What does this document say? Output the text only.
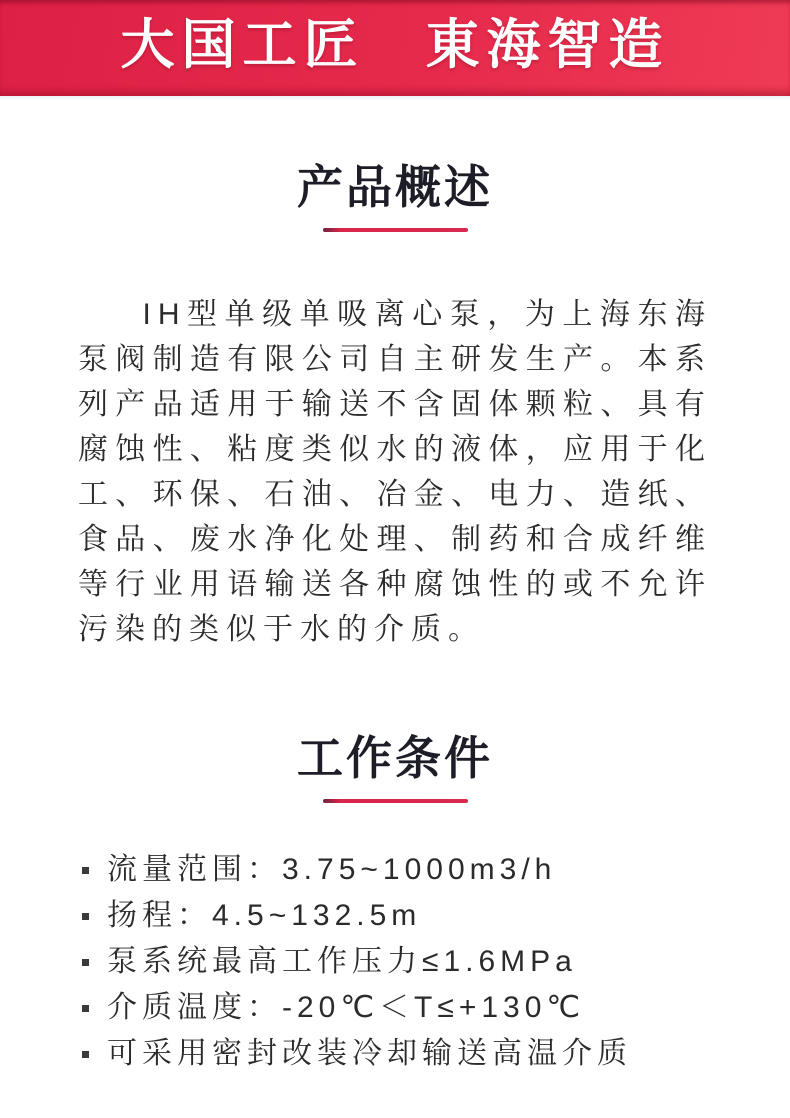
大国工匠　東海智造
产品概述

IH型单级单吸离心泵，为上海东海泵阀制造有限公司自主研发生产。本系列产品适用于输送不含固体颗粒、具有腐蚀性、粘度类似水的液体，应用于化工、环保、石油、冶金、电力、造纸、食品、废水净化处理、制药和合成纤维等行业用语输送各种腐蚀性的或不允许污染的类似于水的介质。

工作条件
流量范围：3.75~1000m3/h
扬程：4.5~132.5m
泵系统最高工作压力≤1.6MPa
介质温度：-20℃＜T≤+130℃
可采用密封改装冷却输送高温介质
